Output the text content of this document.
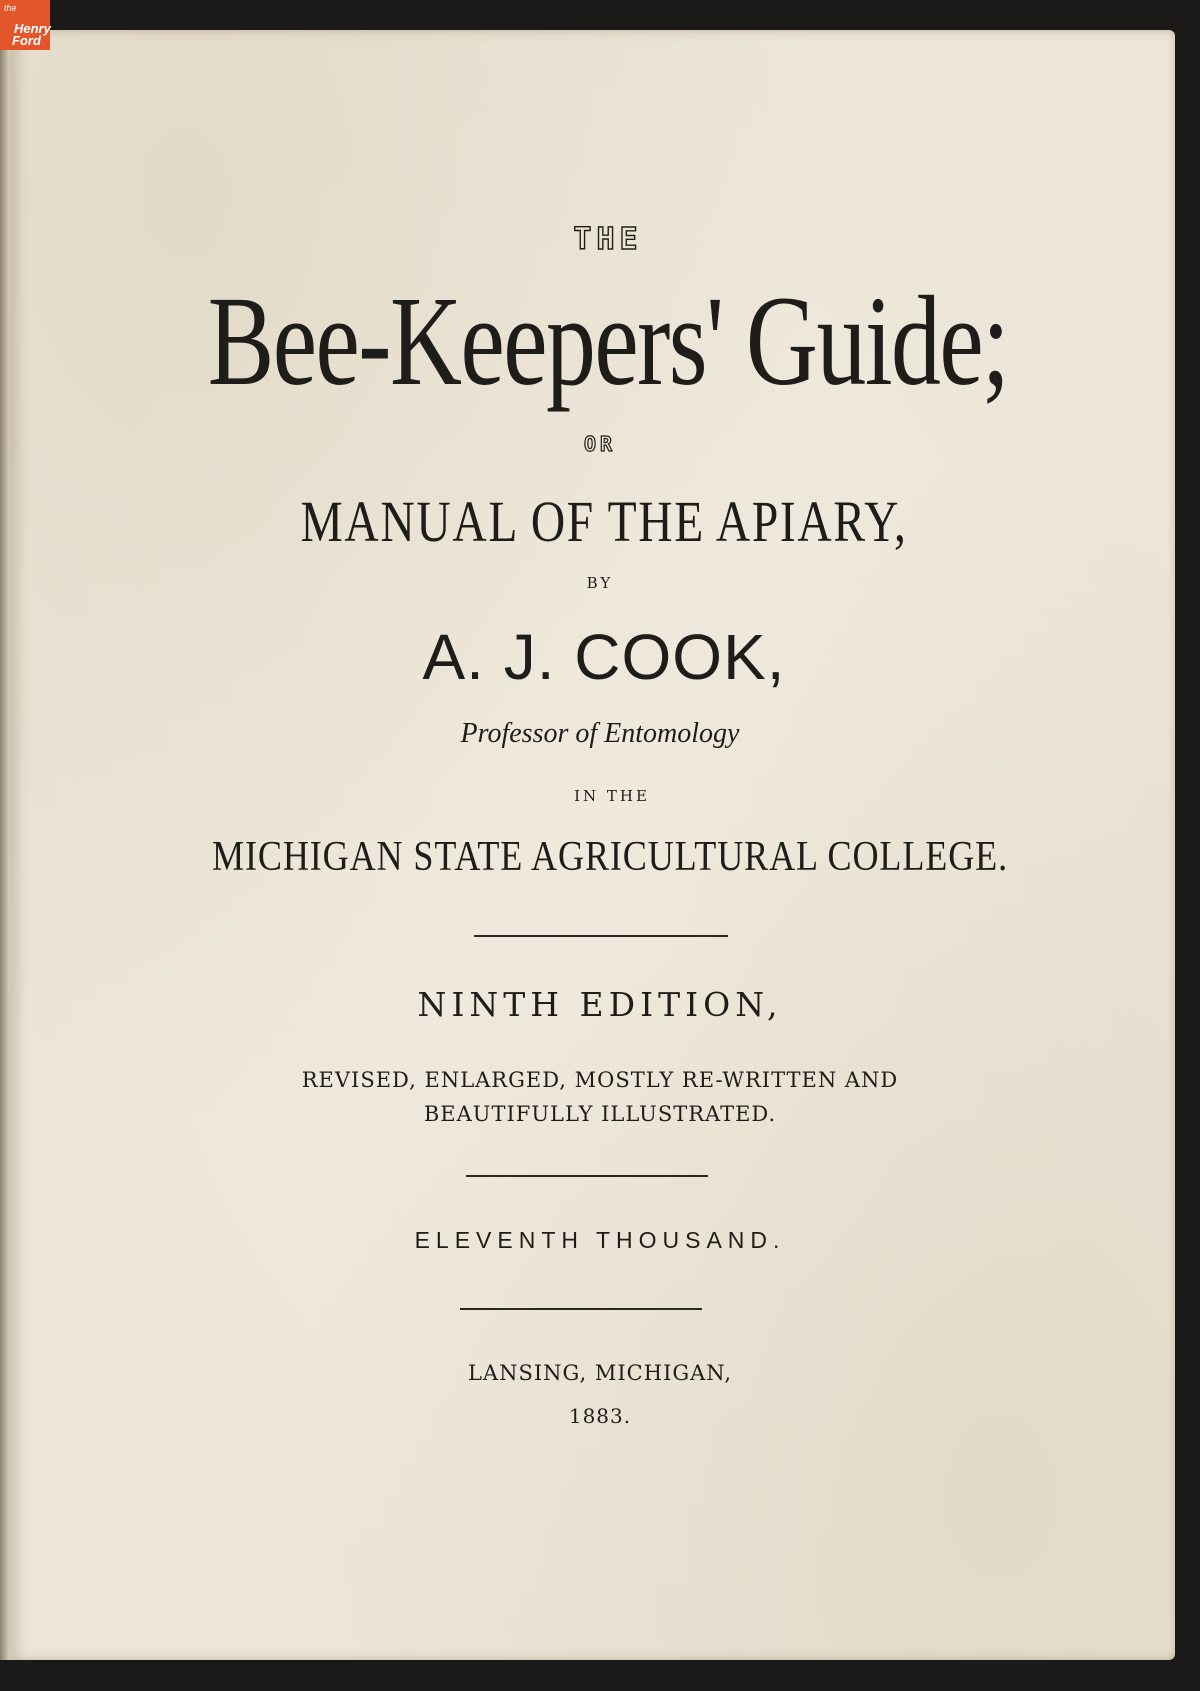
the
Henry
Ford
THE
Bee-Keepers' Guide;
OR
MANUAL OF THE APIARY,
BY
A. J. COOK,
Professor of Entomology
IN THE
MICHIGAN STATE AGRICULTURAL COLLEGE.
NINTH EDITION,
REVISED, ENLARGED, MOSTLY RE-WRITTEN AND
BEAUTIFULLY ILLUSTRATED.
ELEVENTH THOUSAND.
LANSING, MICHIGAN,
1883.
